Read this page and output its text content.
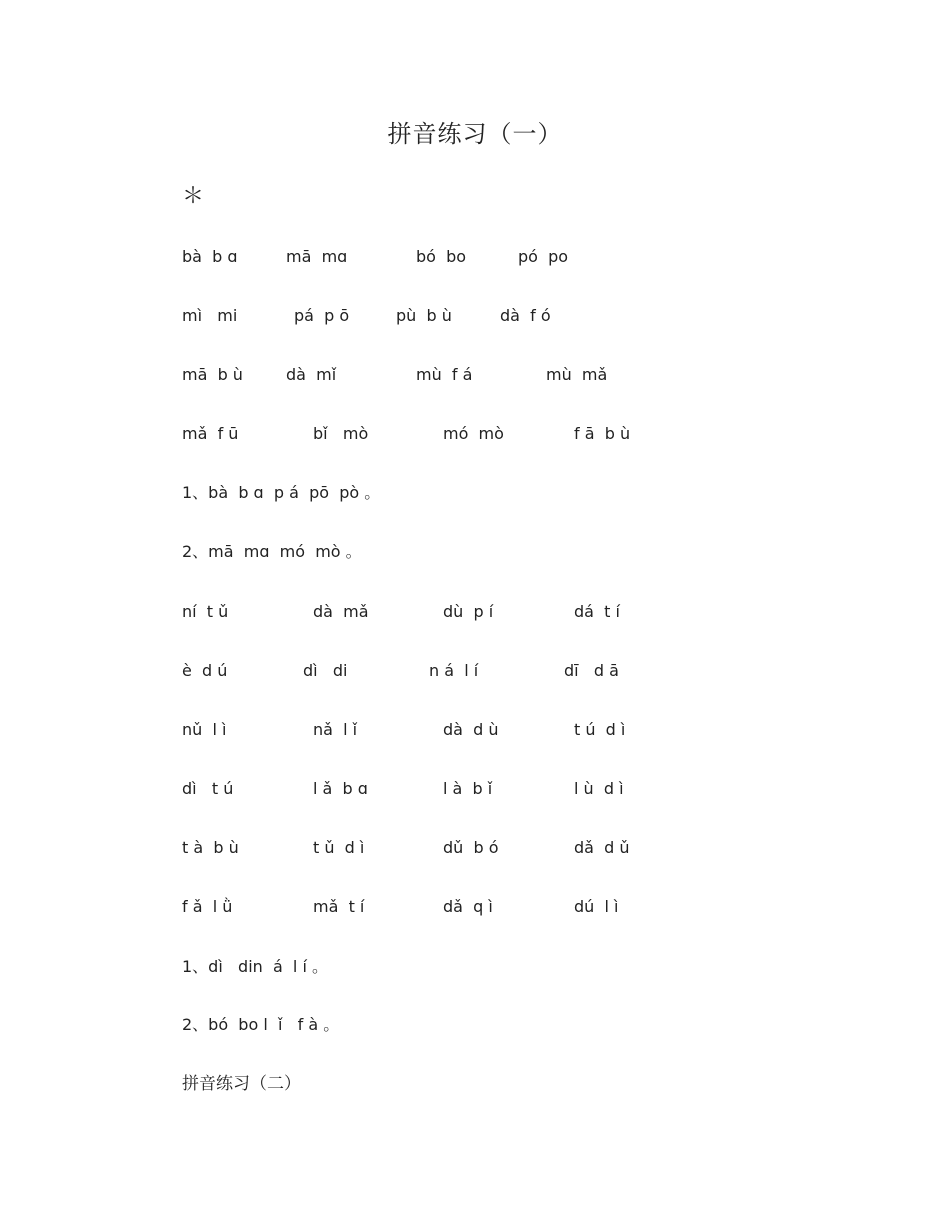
拼音练习（一）
＊
bà  b ɑ	mā  mɑ	bó  bo	pó  po
mì   mi	pá  p ō	pù  b ù	dà  f ó
mā  b ù	dà  mǐ	mù  f á	mù  mǎ
mǎ  f ū	bǐ   mò	mó  mò	f ā  b ù
1、bà  b ɑ  p á  pō  pò 。
2、mā  mɑ  mó  mò 。
ní  t ǔ	dà  mǎ	dù  p í	dá  t í
è  d ú	dì   di	n á  l í	dī   d ā
nǔ  l ì	nǎ  l ǐ	dà  d ù	t ú  d ì
dì   t ú	l ǎ  b ɑ	l à  b ǐ	l ù  d ì
t à  b ù	t ǔ  d ì	dǔ  b ó	dǎ  d ǔ
f ǎ  l ǜ	mǎ  t í	dǎ  q ì	dú  l ì
1、dì   din  á  l í 。
2、bó  bo l  ǐ   f à 。
拼音练习（二）
